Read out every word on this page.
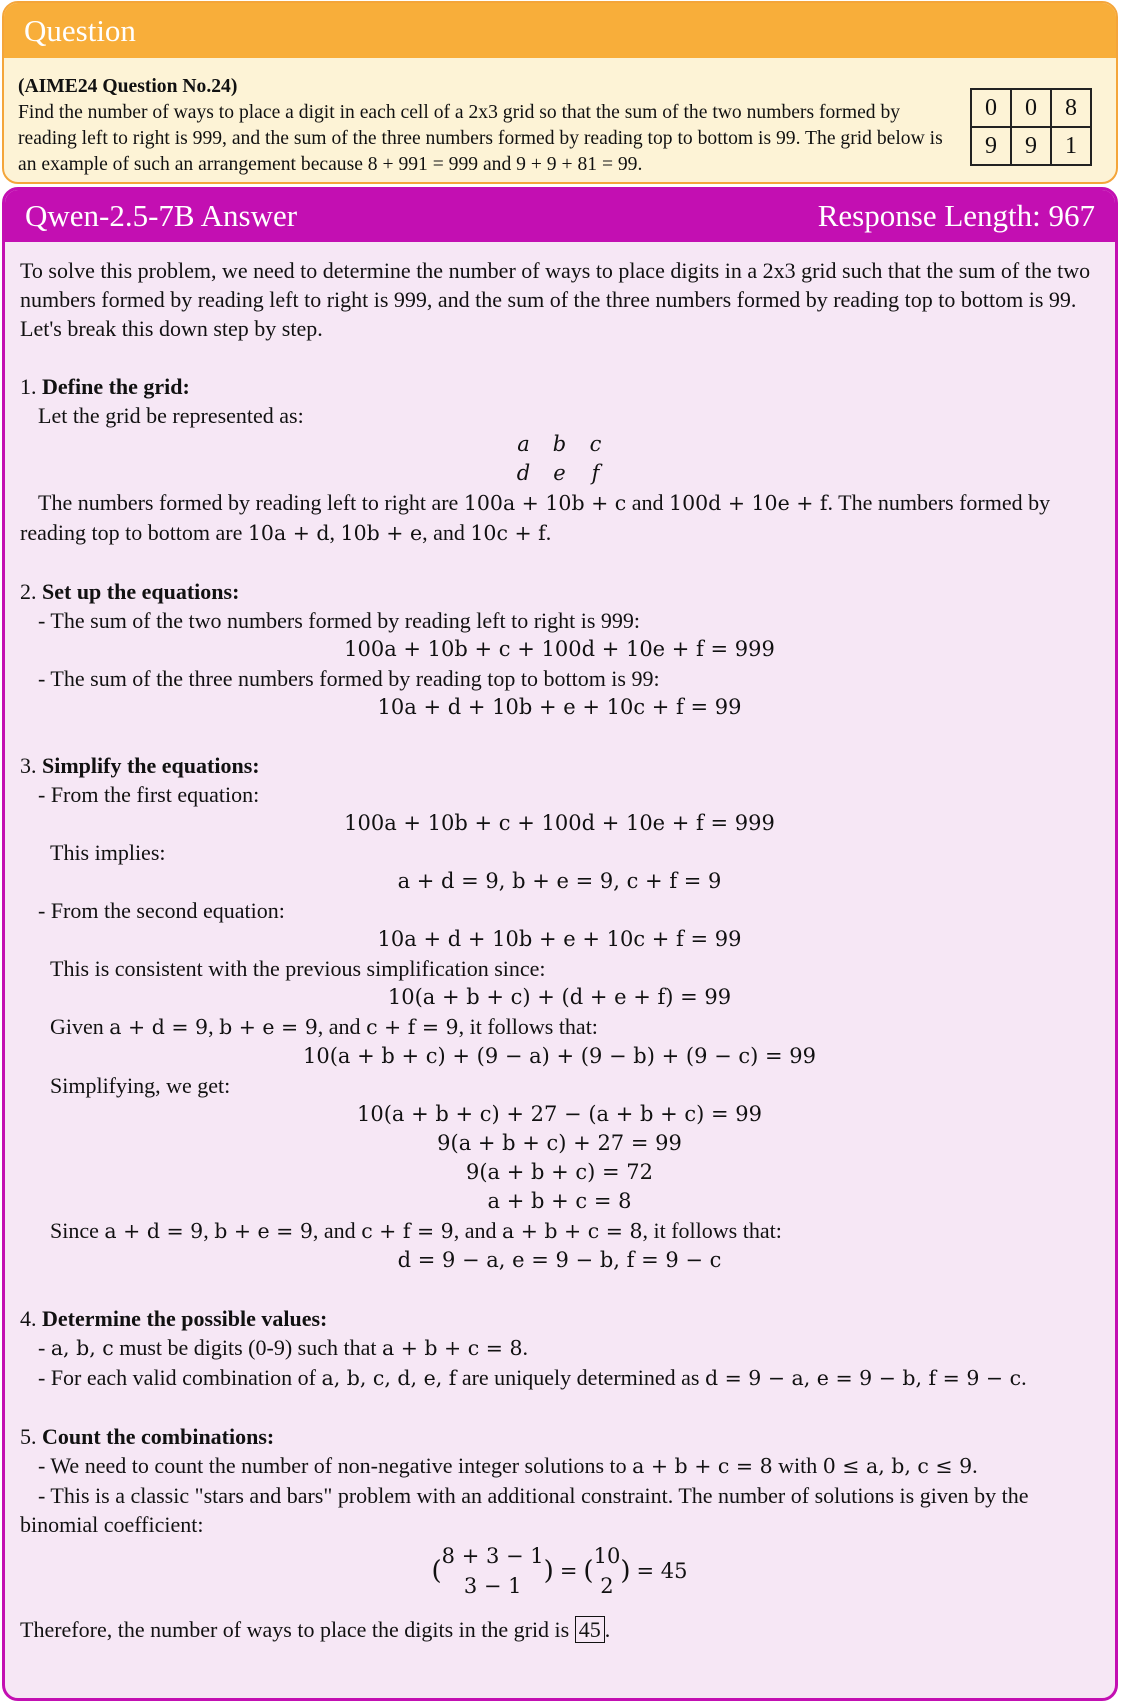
Question
(AIME24 Question No.24)
Find the number of ways to place a digit in each cell of a 2x3 grid so that the sum of the two numbers formed by reading left to right is 999, and the sum of the three numbers formed by reading top to bottom is 99. The grid below is an example of such an arrangement because 8 + 991 = 999 and 9 + 9 + 81 = 99.
0	0	8
9	9	1
Qwen-2.5-7B Answer	Response Length: 967

To solve this problem, we need to determine the number of ways to place digits in a 2x3 grid such that the sum of the two numbers formed by reading left to right is 999, and the sum of the three numbers formed by reading top to bottom is 99. Let's break this down step by step.

1. Define the grid:

Let the grid be represented as:

a b c
d e f

The numbers formed by reading left to right are 100a + 10b + c and 100d + 10e + f. The numbers formed by reading top to bottom are 10a + d, 10b + e, and 10c + f.

2. Set up the equations:

- The sum of the two numbers formed by reading left to right is 999:

100a + 10b + c + 100d + 10e + f = 999

- The sum of the three numbers formed by reading top to bottom is 99:

10a + d + 10b + e + 10c + f = 99

3. Simplify the equations:

- From the first equation:

100a + 10b + c + 100d + 10e + f = 999

This implies:

a + d = 9, b + e = 9, c + f = 9

- From the second equation:

10a + d + 10b + e + 10c + f = 99

This is consistent with the previous simplification since:

10(a + b + c) + (d + e + f) = 99

Given a + d = 9, b + e = 9, and c + f = 9, it follows that:

10(a + b + c) + (9 − a) + (9 − b) + (9 − c) = 99

Simplifying, we get:

10(a + b + c) + 27 − (a + b + c) = 99
9(a + b + c) + 27 = 99
9(a + b + c) = 72
a + b + c = 8

Since a + d = 9, b + e = 9, and c + f = 9, and a + b + c = 8, it follows that:

d = 9 − a, e = 9 − b, f = 9 − c

4. Determine the possible values:

- a, b, c must be digits (0-9) such that a + b + c = 8.

- For each valid combination of a, b, c, d, e, f are uniquely determined as d = 9 − a, e = 9 − b, f = 9 − c.

5. Count the combinations:

- We need to count the number of non-negative integer solutions to a + b + c = 8 with 0 ≤ a, b, c ≤ 9.

- This is a classic "stars and bars" problem with an additional constraint. The number of solutions is given by the binomial coefficient:

( 8 + 3 − 1
3 − 1
) = ( 10
2
) = 45

Therefore, the number of ways to place the digits in the grid is 45 .
